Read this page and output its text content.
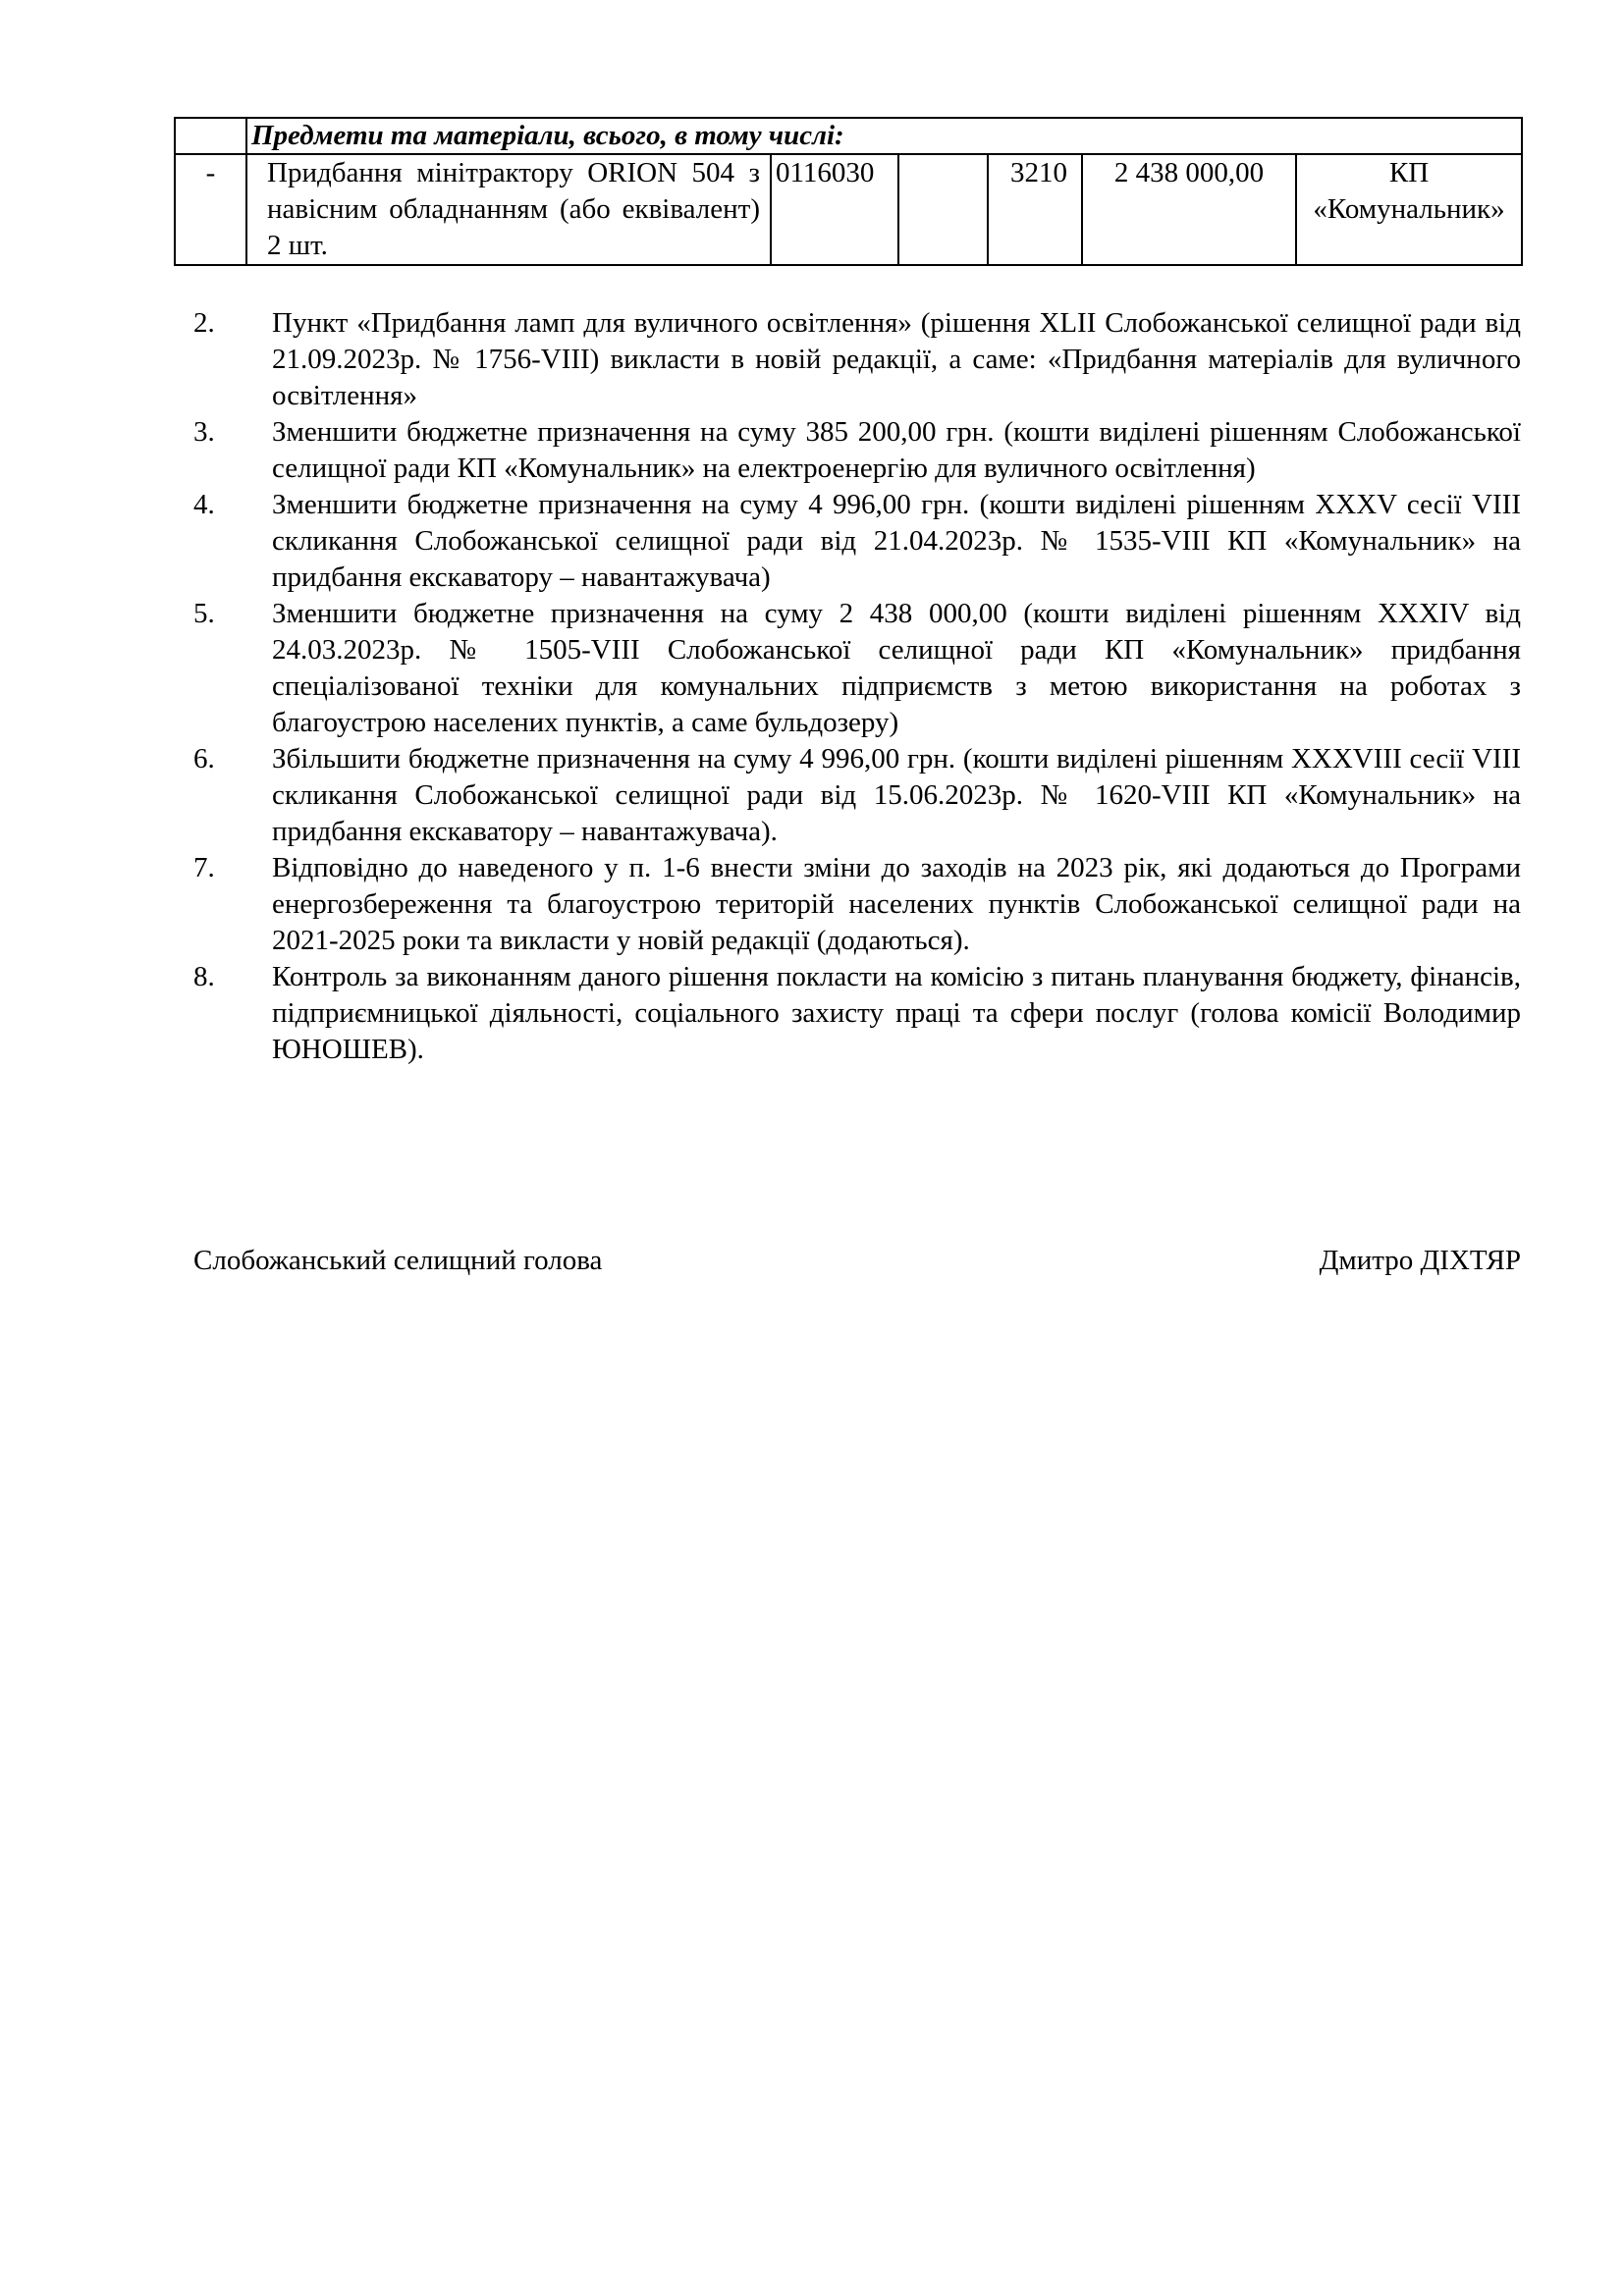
	Предмети та матеріали, всього, в тому числі:					
-	Придбання мінітрактору ORION 504 з навісним обладнанням (або еквівалент) 2 шт.	0116030		3210	2 438 000,00	КП «Комунальник»
2. Пункт «Придбання ламп для вуличного освітлення» (рішення XLII Слобожанської селищної ради від 21.09.2023р. № 1756-VIII) викласти в новій редакції, а саме: «Придбання матеріалів для вуличного освітлення»
3. Зменшити бюджетне призначення на суму 385 200,00 грн. (кошти виділені рішенням Слобожанської селищної ради КП «Комунальник» на електроенергію для вуличного освітлення)
4. Зменшити бюджетне призначення на суму 4 996,00 грн. (кошти виділені рішенням XXXV сесії VIII скликання Слобожанської селищної ради від 21.04.2023р. № 1535-VIII КП «Комунальник» на придбання екскаватору – навантажувача)
5. Зменшити бюджетне призначення на суму 2 438 000,00 (кошти виділені рішенням XXXIV від 24.03.2023р. № 1505-VIII Слобожанської селищної ради КП «Комунальник» придбання спеціалізованої техніки для комунальних підприємств з метою використання на роботах з благоустрою населених пунктів, а саме бульдозеру)
6. Збільшити бюджетне призначення на суму 4 996,00 грн. (кошти виділені рішенням XXXVIII сесії VIII скликання Слобожанської селищної ради від 15.06.2023р. № 1620-VIII КП «Комунальник» на придбання екскаватору – навантажувача).
7. Відповідно до наведеного у п. 1-6 внести зміни до заходів на 2023 рік, які додаються до Програми енергозбереження та благоустрою територій населених пунктів Слобожанської селищної ради на 2021-2025 роки та викласти у новій редакції (додаються).
8. Контроль за виконанням даного рішення покласти на комісію з питань планування бюджету, фінансів, підприємницької діяльності, соціального захисту праці та сфери послуг (голова комісії Володимир ЮНОШЕВ).
Слобожанський селищний голова	Дмитро ДІХТЯР
